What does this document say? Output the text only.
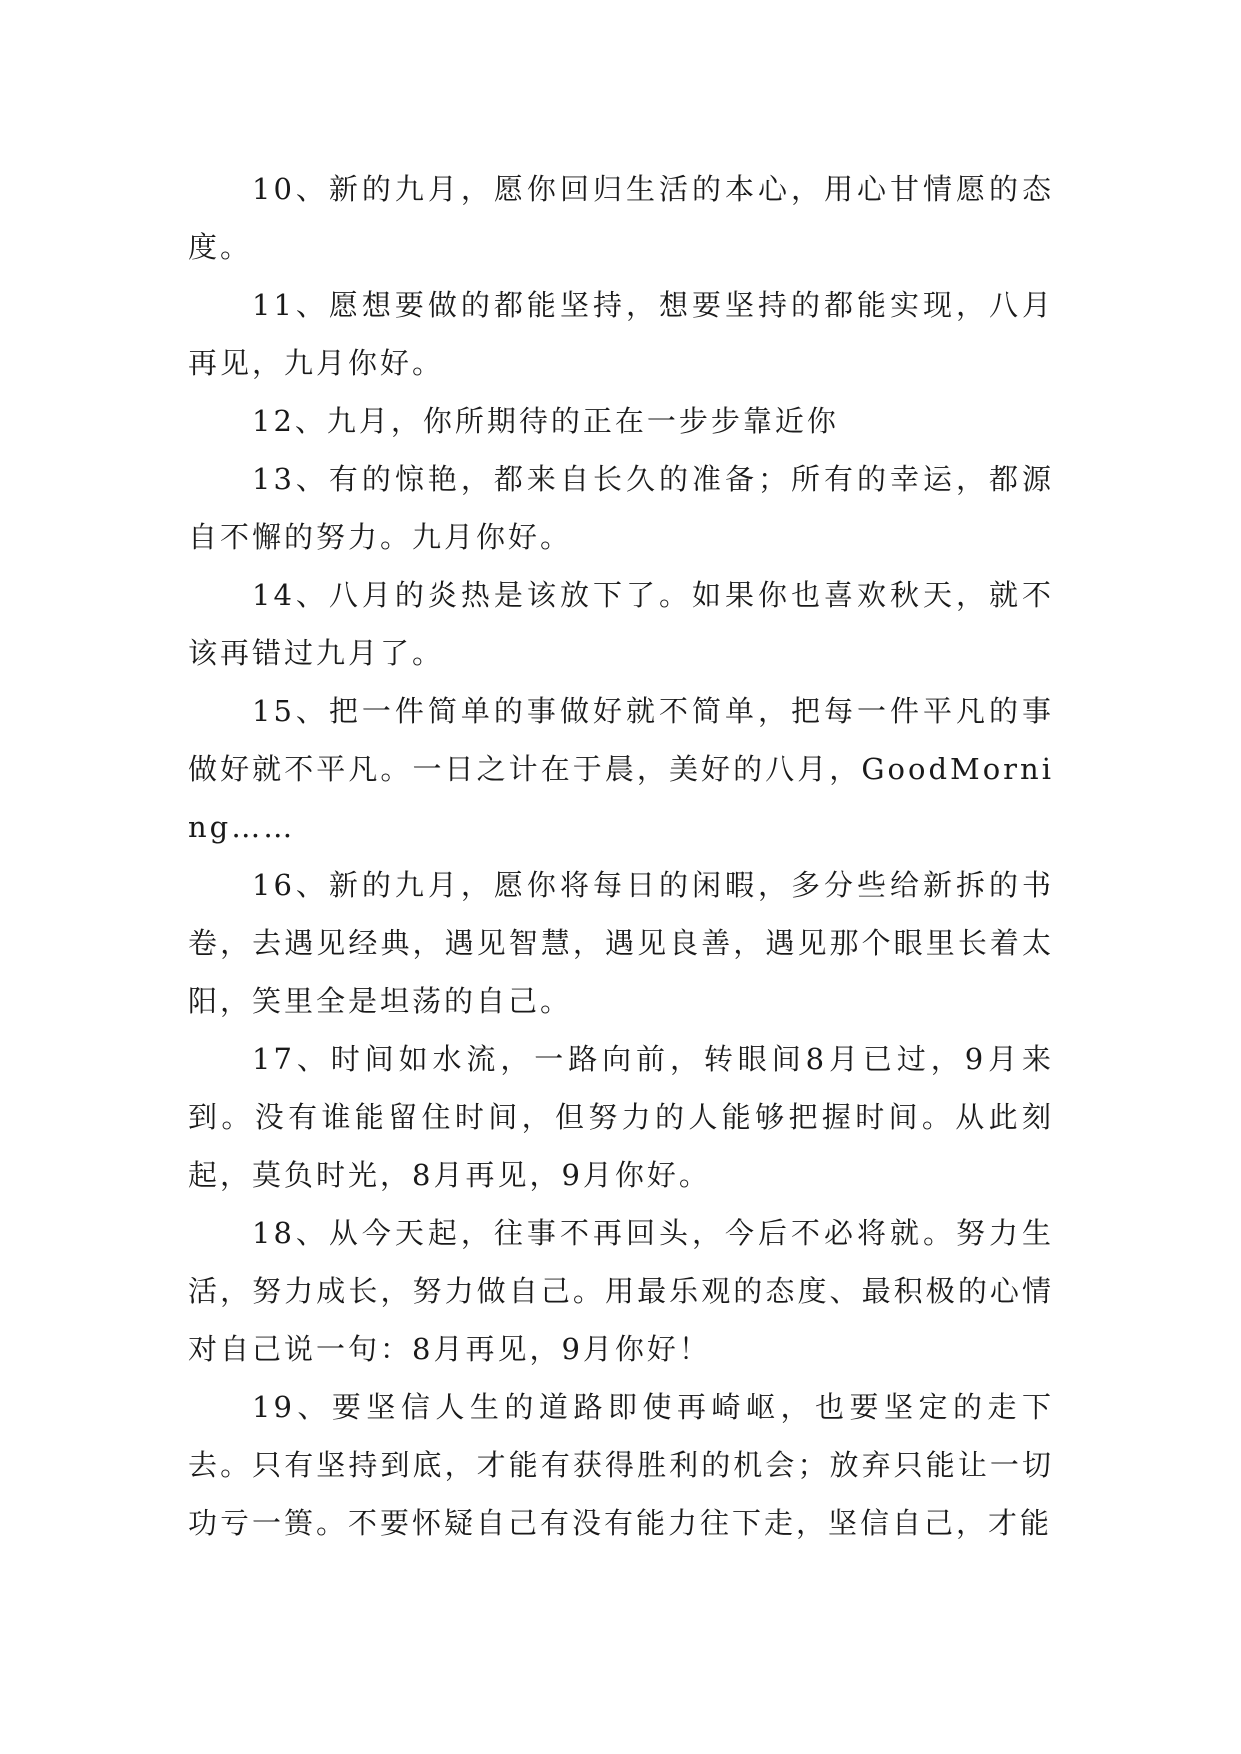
10、新的九月，愿你回归生活的本心，用心甘情愿的态度。

11、愿想要做的都能坚持，想要坚持的都能实现，八月再见，九月你好。

12、九月，你所期待的正在一步步靠近你

13、有的惊艳，都来自长久的准备；所有的幸运，都源自不懈的努力。九月你好。

14、八月的炎热是该放下了。如果你也喜欢秋天，就不该再错过九月了。

15、把一件简单的事做好就不简单，把每一件平凡的事做好就不平凡。一日之计在于晨，美好的八月，GoodMorning……

16、新的九月，愿你将每日的闲暇，多分些给新拆的书卷，去遇见经典，遇见智慧，遇见良善，遇见那个眼里长着太阳，笑里全是坦荡的自己。

17、时间如水流，一路向前，转眼间8月已过，9月来到。没有谁能留住时间，但努力的人能够把握时间。从此刻起，莫负时光，8月再见，9月你好。

18、从今天起，往事不再回头，今后不必将就。努力生活，努力成长，努力做自己。用最乐观的态度、最积极的心情对自己说一句：8月再见，9月你好！

19、要坚信人生的道路即使再崎岖，也要坚定的走下去。只有坚持到底，才能有获得胜利的机会；放弃只能让一切功亏一篑。不要怀疑自己有没有能力往下走，坚信自己，才能
